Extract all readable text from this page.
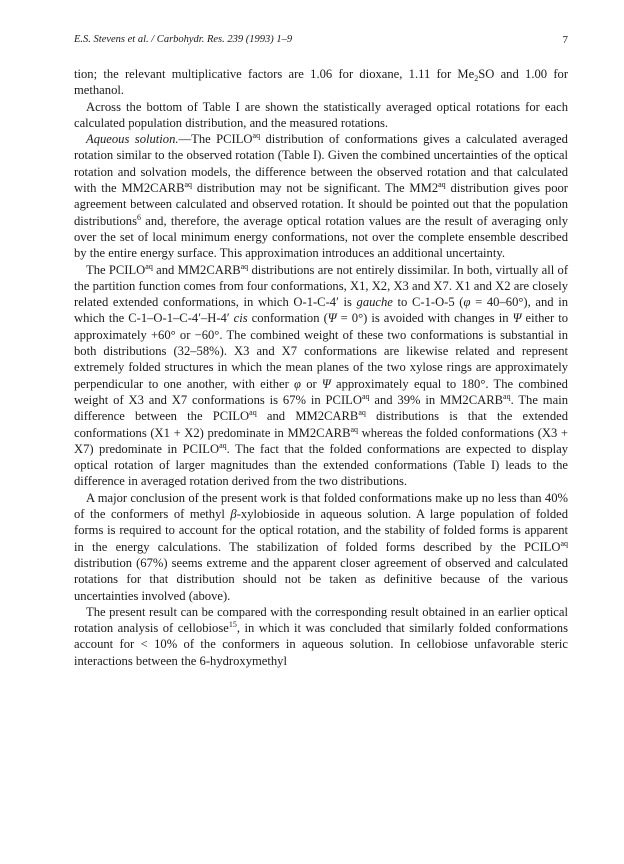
E.S. Stevens et al. / Carbohydr. Res. 239 (1993) 1–9	7

tion; the relevant multiplicative factors are 1.06 for dioxane, 1.11 for $Me_2SO$ and 1.00 for methanol.

Across the bottom of Table I are shown the statistically averaged optical rotations for each calculated population distribution, and the measured rotations.

Aqueous solution.—The $PCILO^{aq}$ distribution of conformations gives a calculated averaged rotation similar to the observed rotation (Table I). Given the combined uncertainties of the optical rotation and solvation models, the difference between the observed rotation and that calculated with the $MM2CARB^{aq}$ distribution may not be significant. The $MM2^{aq}$ distribution gives poor agreement between calculated and observed rotation. It should be pointed out that the population distributions$^6$ and, therefore, the average optical rotation values are the result of averaging only over the set of local minimum energy conformations, not over the complete ensemble described by the entire energy surface. This approximation introduces an additional uncertainty.

The $PCILO^{aq}$ and $MM2CARB^{aq}$ distributions are not entirely dissimilar. In both, virtually all of the partition function comes from four conformations, X1, X2, X3 and X7. X1 and X2 are closely related extended conformations, in which O-1-C-4′ is gauche to C-1-O-5 (φ = 40–60°), and in which the C-1–O-1–C-4′–H-4′ cis conformation (Ψ = 0°) is avoided with changes in Ψ either to approximately +60° or −60°. The combined weight of these two conformations is substantial in both distributions (32–58%). X3 and X7 conformations are likewise related and represent extremely folded structures in which the mean planes of the two xylose rings are approximately perpendicular to one another, with either φ or Ψ approximately equal to 180°. The combined weight of X3 and X7 conformations is 67% in $PCILO^{aq}$ and 39% in $MM2CARB^{aq}$. The main difference between the $PCILO^{aq}$ and $MM2CARB^{aq}$ distributions is that the extended conformations (X1 + X2) predominate in $MM2CARB^{aq}$ whereas the folded conformations (X3 + X7) predominate in $PCILO^{aq}$. The fact that the folded conformations are expected to display optical rotation of larger magnitudes than the extended conformations (Table I) leads to the difference in averaged rotation derived from the two distributions.

A major conclusion of the present work is that folded conformations make up no less than 40% of the conformers of methyl β-xylobioside in aqueous solution. A large population of folded forms is required to account for the optical rotation, and the stability of folded forms is apparent in the energy calculations. The stabilization of folded forms described by the $PCILO^{aq}$ distribution (67%) seems extreme and the apparent closer agreement of observed and calculated rotations for that distribution should not be taken as definitive because of the various uncertainties involved (above).

The present result can be compared with the corresponding result obtained in an earlier optical rotation analysis of cellobiose$^{15}$, in which it was concluded that similarly folded conformations account for < 10% of the conformers in aqueous solution. In cellobiose unfavorable steric interactions between the 6-hydroxymethyl
